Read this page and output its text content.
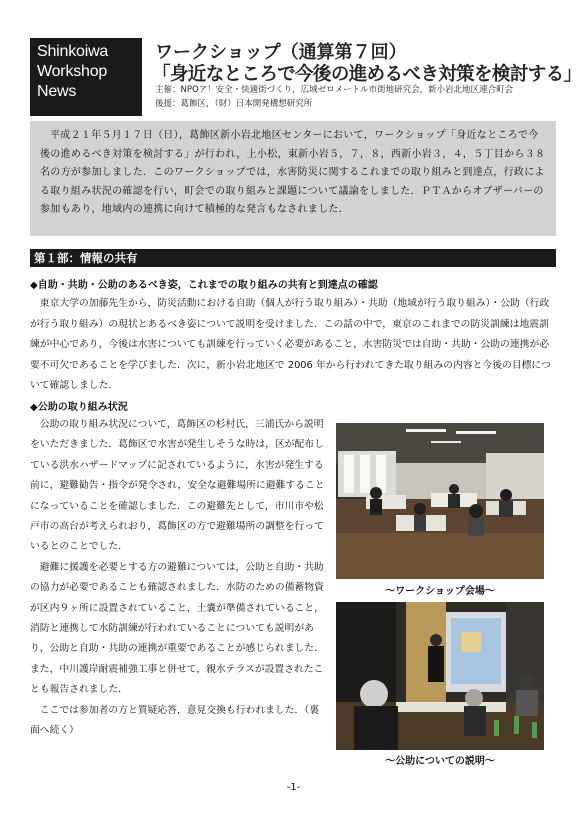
Shinkoiwa
Workshop
News
ワークショップ（通算第７回）
「身近なところで今後の進めるべき対策を検討する」
主催：NPOア！安全・快適街づくり，広域ゼロメートル市街地研究会，新小岩北地区連合町会
後援：葛飾区，（財）日本開発構想研究所

平成２１年５月１７日（日），葛飾区新小岩北地区センターにおいて，ワークショップ「身近なところで今後の進めるべき対策を検討する」が行われ，上小松，東新小岩５，７，８，西新小岩３，４，５丁目から３８名の方が参加しました．このワークショップでは，水害防災に関するこれまでの取り組みと到達点，行政による取り組み状況の確認を行い，町会での取り組みと課題について議論をしました．ＰＴＡからオブザーバーの参加もあり，地域内の連携に向けて積極的な発言もなされました．

第１部：情報の共有
◆自助・共助・公助のあるべき姿，これまでの取り組みの共有と到達点の確認

東京大学の加藤先生から，防災活動における自助（個人が行う取り組み）・共助（地域が行う取り組み）・公助（行政が行う取り組み）の現状とあるべき姿について説明を受けました．この話の中で，東京のこれまでの防災訓練は地震訓練が中心であり，今後は水害についても訓練を行っていく必要があること，水害防災では自助・共助・公助の連携が必要不可欠であることを学びました．次に，新小岩北地区で 2006 年から行われてきた取り組みの内容と今後の目標について確認しました．

◆公助の取り組み状況

公助の取り組み状況について，葛飾区の杉村氏，三浦氏から説明をいただきました．葛飾区で水害が発生しそうな時は，区が配布している洪水ハザードマップに記されているように，水害が発生する前に，避難勧告・指令が発令され，安全な避難場所に避難することになっていることを確認しました．この避難先として，市川市や松戸市の高台が考えられおり，葛飾区の方で避難場所の調整を行っているとのことでした．

避難に援護を必要とする方の避難については，公助と自助・共助の協力が必要であることも確認されました．水防のための備蓄物資が区内９ヶ所に設置されていること，土嚢が準備されていること，消防と連携して水防訓練が行われていることについても説明があり，公助と自助・共助の連携が重要であることが感じられました．また，中川護岸耐震補強工事と併せて，親水テラスが設置されたことも報告されました．

ここでは参加者の方と質疑応答，意見交換も行われました．（裏面へ続く）

～ワークショップ会場～
～公助についての説明～
-1-
